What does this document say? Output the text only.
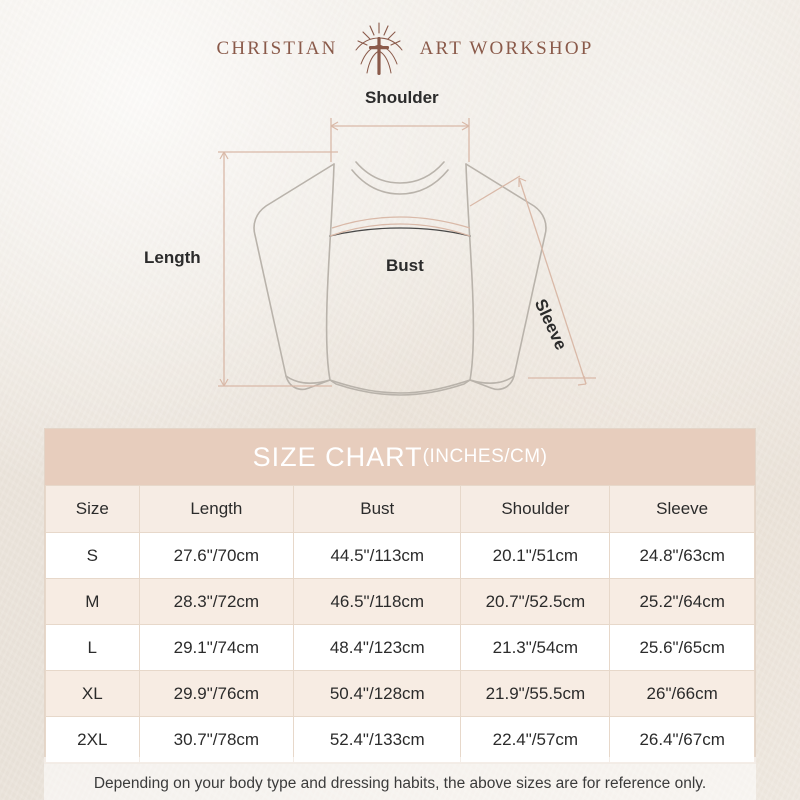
CHRISTIAN	ART WORKSHOP
Shoulder
Length	Bust
Sleeve
SIZE CHART (INCHES/CM)
Size	Length	Bust	Shoulder	Sleeve
S	27.6"/70cm	44.5"/113cm	20.1"/51cm	24.8"/63cm
M	28.3"/72cm	46.5"/118cm	20.7"/52.5cm	25.2"/64cm
L	29.1"/74cm	48.4"/123cm	21.3"/54cm	25.6"/65cm
XL	29.9"/76cm	50.4"/128cm	21.9"/55.5cm	26"/66cm
2XL	30.7"/78cm	52.4"/133cm	22.4"/57cm	26.4"/67cm
Depending on your body type and dressing habits, the above sizes are for reference only.
